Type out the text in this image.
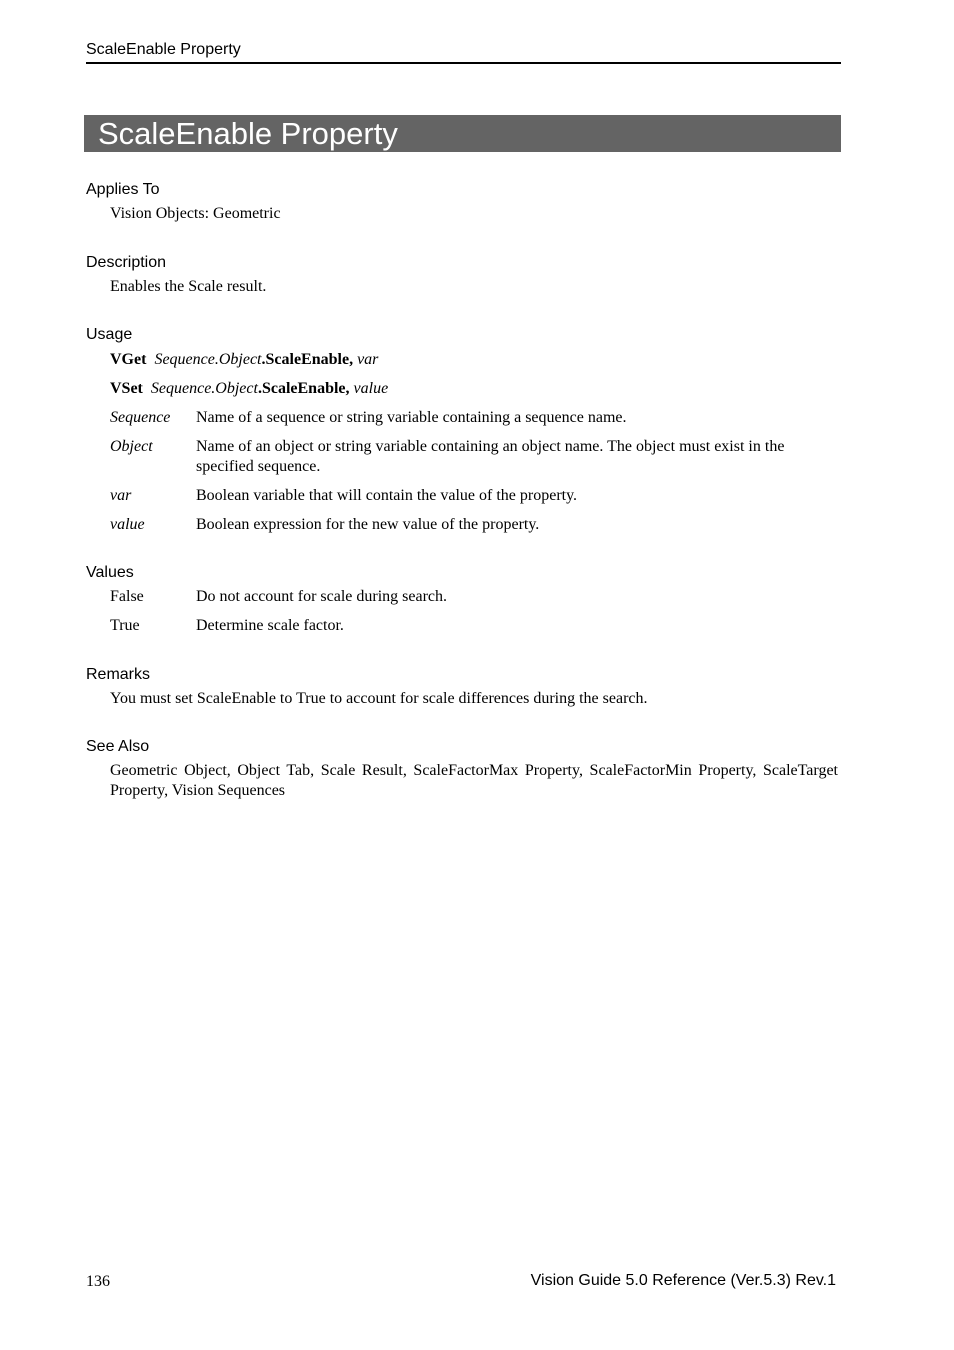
ScaleEnable Property
ScaleEnable Property
Applies To
Vision Objects: Geometric
Description
Enables the Scale result.
Usage
VGet Sequence.Object.ScaleEnable, var
VSet Sequence.Object.ScaleEnable, value
Sequence Name of a sequence or string variable containing a sequence name.
Object	Name of an object or string variable containing an object name. The object must exist in the specified sequence.
var	Boolean variable that will contain the value of the property.
value	Boolean expression for the new value of the property.
Values
False	Do not account for scale during search.
True	Determine scale factor.
Remarks
You must set ScaleEnable to True to account for scale differences during the search.
See Also
Geometric Object, Object Tab, Scale Result, ScaleFactorMax Property, ScaleFactorMin Property, ScaleTarget Property, Vision Sequences
136	Vision Guide 5.0 Reference (Ver.5.3) Rev.1
